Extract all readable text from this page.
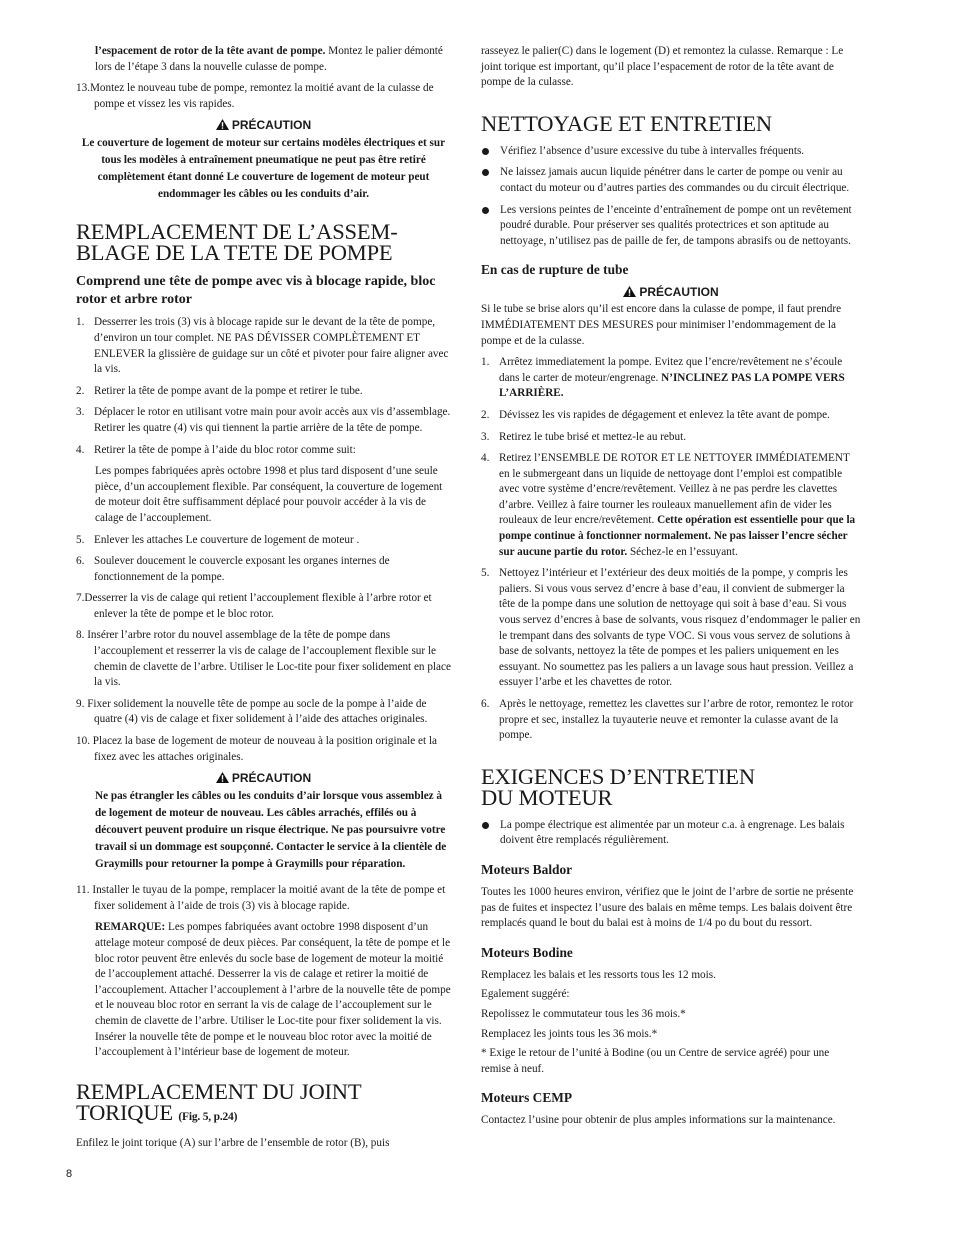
l’espacement de rotor de la tête avant de pompe. Montez le palier démonté lors de l’étape 3 dans la nouvelle culasse de pompe.

13.Montez le nouveau tube de pompe, remontez la moitié avant de la culasse de pompe et vissez les vis rapides.

PRÉCAUTION

Le couverture de logement de moteur sur certains modèles électriques et sur tous les modèles à entraînement pneumatique ne peut pas être retiré complètement étant donné Le couverture de logement de moteur peut endommager les câbles ou les conduits d’air.

REMPLACEMENT DE L’ASSEM-
BLAGE DE LA TETE DE POMPE
Comprend une tête de pompe avec vis à blocage rapide, bloc rotor et arbre rotor

1. Desserrer les trois (3) vis à blocage rapide sur le devant de la tête de pompe, d’environ un tour complet. NE PAS DÉVISSER COMPLÈTEMENT ET ENLEVER la glissière de guidage sur un côté et pivoter pour faire aligner avec la vis.

2. Retirer la tête de pompe avant de la pompe et retirer le tube.

3. Déplacer le rotor en utilisant votre main pour avoir accès aux vis d’assemblage. Retirer les quatre (4) vis qui tiennent la partie arrière de la tête de pompe.

4. Retirer la tête de pompe à l’aide du bloc rotor comme suit:

Les pompes fabriquées après octobre 1998 et plus tard disposent d’une seule pièce, d’un accouplement flexible. Par conséquent, la couverture de logement de moteur doit être suffisamment déplacé pour pouvoir accéder à la vis de calage de l’accouplement.

5. Enlever les attaches Le couverture de logement de moteur .

6. Soulever doucement le couvercle exposant les organes internes de fonctionnement de la pompe.

7.Desserrer la vis de calage qui retient l’accouplement flexible à l’arbre rotor et enlever la tête de pompe et le bloc rotor.

8. Insérer l’arbre rotor du nouvel assemblage de la tête de pompe dans l’accouplement et resserrer la vis de calage de l’accouplement flexible sur le chemin de clavette de l’arbre. Utiliser le Loc-tite pour fixer solidement en place la vis.

9. Fixer solidement la nouvelle tête de pompe au socle de la pompe à l’aide de quatre (4) vis de calage et fixer solidement à l’aide des attaches originales.

10. Placez la base de logement de moteur de nouveau à la position originale et la fixez avec les attaches originales.

PRÉCAUTION

Ne pas étrangler les câbles ou les conduits d’air lorsque vous assemblez à de logement de moteur de nouveau. Les câbles arrachés, effilés ou à découvert peuvent produire un risque électrique. Ne pas poursuivre votre travail si un dommage est soupçonné. Contacter le service à la clientèle de Graymills pour retourner la pompe à Graymills pour réparation.

11. Installer le tuyau de la pompe, remplacer la moitié avant de la tête de pompe et fixer solidement à l’aide de trois (3) vis à blocage rapide.

REMARQUE: Les pompes fabriquées avant octobre 1998 disposent d’un attelage moteur composé de deux pièces. Par conséquent, la tête de pompe et le bloc rotor peuvent être enlevés du socle base de logement de moteur la moitié de l’accouplement attaché. Desserrer la vis de calage et retirer la moitié de l’accouplement. Attacher l’accouplement à l’arbre de la nouvelle tête de pompe et le nouveau bloc rotor en serrant la vis de calage de l’accouplement sur le chemin de clavette de l’arbre. Utiliser le Loc-tite pour fixer solidement la vis. Insérer la nouvelle tête de pompe et le nouveau bloc rotor avec la moitié de l’accouplement à l’intérieur base de logement de moteur.

REMPLACEMENT DU JOINT
TORIQUE (Fig. 5, p.24)

Enfilez le joint torique (A) sur l’arbre de l’ensemble de rotor (B), puis

rasseyez le palier(C) dans le logement (D) et remontez la culasse. Remarque : Le joint torique est important, qu’il place l’espacement de rotor de la tête avant de pompe de la culasse.

NETTOYAGE ET ENTRETIEN

Vérifiez l’absence d’usure excessive du tube à intervalles fréquents.

Ne laissez jamais aucun liquide pénétrer dans le carter de pompe ou venir au contact du moteur ou d’autres parties des commandes ou du circuit électrique.

Les versions peintes de l’enceinte d’entraînement de pompe ont un revêtement poudré durable. Pour préserver ses qualités protectrices et son aptitude au nettoyage, n’utilisez pas de paille de fer, de tampons abrasifs ou de nettoyants.

En cas de rupture de tube
PRÉCAUTION

Si le tube se brise alors qu’il est encore dans la culasse de pompe, il faut prendre IMMÉDIATEMENT DES MESURES pour minimiser l’endommagement de la pompe et de la culasse.

1. Arrêtez immediatement la pompe. Evitez que l’encre/revêtement ne s’écoule dans le carter de moteur/engrenage. N’INCLINEZ PAS LA POMPE VERS L’ARRIÈRE.

2. Dévissez les vis rapides de dégagement et enlevez la tête avant de pompe.

3. Retirez le tube brisé et mettez-le au rebut.

4. Retirez l’ENSEMBLE DE ROTOR ET LE NETTOYER IMMÉDIATEMENT en le submergeant dans un liquide de nettoyage dont l’emploi est compatible avec votre système d’encre/revêtement. Veillez à ne pas perdre les clavettes d’arbre. Veillez à faire tourner les rouleaux manuellement afin de vider les rouleaux de leur encre/revêtement. Cette opération est essentielle pour que la pompe continue à fonctionner normalement. Ne pas laisser l’encre sécher sur aucune partie du rotor. Séchez-le en l’essuyant.

5. Nettoyez l’intérieur et l’extérieur des deux moitiés de la pompe, y compris les paliers. Si vous vous servez d’encre à base d’eau, il convient de submerger la tête de la pompe dans une solution de nettoyage qui soit à base d’eau. Si vous vous servez d’encres à base de solvants, vous risquez d’endommager le palier en le trempant dans des solvants de type VOC. Si vous vous servez de solutions à base de solvants, nettoyez la tête de pompes et les paliers uniquement en les essuyant. No soumettez pas les paliers a un lavage sous haut pression. Veillez a essuyer l’arbe et les chavettes de rotor.

6. Après le nettoyage, remettez les clavettes sur l’arbre de rotor, remontez le rotor propre et sec, installez la tuyauterie neuve et remonter la culasse avant de la pompe.

EXIGENCES D’ENTRETIEN
DU MOTEUR

La pompe électrique est alimentée par un moteur c.a. à engrenage. Les balais doivent être remplacés régulièrement.

Moteurs Baldor

Toutes les 1000 heures environ, vérifiez que le joint de l’arbre de sortie ne présente pas de fuites et inspectez l’usure des balais en même temps. Les balais doivent être remplacés quand le bout du balai est à moins de 1/4 po du bout du ressort.

Moteurs Bodine

Remplacez les balais et les ressorts tous les 12 mois.

Egalement suggéré:

Repolissez le commutateur tous les 36 mois.*

Remplacez les joints tous les 36 mois.*

* Exige le retour de l’unité à Bodine (ou un Centre de service agréé) pour une remise à neuf.

Moteurs CEMP

Contactez l’usine pour obtenir de plus amples informations sur la maintenance.

8
